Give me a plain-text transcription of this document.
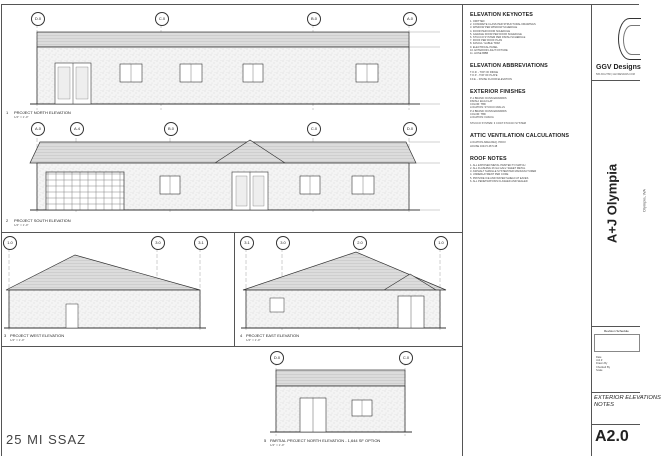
D.0	C.0	B.0	A.0
A.0	A.4	B.0	C.0	D.0
1.0	3.0	3.1	3.1	3.0	2.0	1.0
D.0	C.0
1 PROJECT NORTH ELEVATION
1/4" = 1'-0"
2 PROJECT SOUTH ELEVATION
1/4" = 1'-0"
3 PROJECT WEST ELEVATION
1/4" = 1'-0"
4 PROJECT EAST ELEVATION
1/4" = 1'-0"
5 PARTIAL PROJECT NORTH ELEVATION - 1,644 SF OPTION
1/4" = 1'-0"
25 MI SSAZ
ELEVATION KEYNOTES
1. OMITTED
2. CONCRETE CLASS PER STRUCTURAL DRAWINGS
3. WINDOW PER WINDOW SCHEDULE
4. DOOR PER DOOR SCHEDULE
5. GARAGE DOOR PER DOOR SCHEDULE
6. STUCCO SYSTEM PER FINISH SCHEDULE
7. ROOF PER ROOF PLAN
8. FASCIA / GABLE TRIM
9. ELECTRICAL PANEL
10. EXTERIOR LIGHT FIXTURE
11. HOSE BIBB
ELEVATION ABBREVIATIONS
T.O.R. - TOP OF RIDGE
T.O.P. - TOP OF PLATE
F.F.E. - FINISH FLOOR ELEVATION
EXTERIOR FINISHES
P-1 BRAND: DUNN EDWARDS
FINISH: EGG FLAT
COLOR: TBD
LOCATION: STUCCO WALLS
P-2 BRAND: DUNN EDWARDS
COLOR: TBD
LOCATION: FASCIA
STUCCO SYSTEM: 3 COAT STUCCO SYSTEM
ATTIC VENTILATION CALCULATIONS
LOCATION AREA REQ. PROV.
HOUSE 1644 5.48 5.48
ROOF NOTES
1. ALL EXPOSED METAL PAINTED TO MATCH
2. ALL FLASHING 26 GA GALV. SHEET METAL
3. ASPHALT SHINGLE SYSTEM PER MANUFACTURER
4. UNDERLAYMENT PER CODE
5. PROVIDE ICE AND WATER SHIELD AT EAVES
6. ALL PENETRATIONS FLASHED AND SEALED
GGV Designs
505.304.2768 | GGVDESIGNS.COM
A+J Olympia	Olympia, WA
Revision Schedule
Date
Job #
Drawn By
Checked By
Scale
EXTERIOR ELEVATIONS
NOTES
A2.0
